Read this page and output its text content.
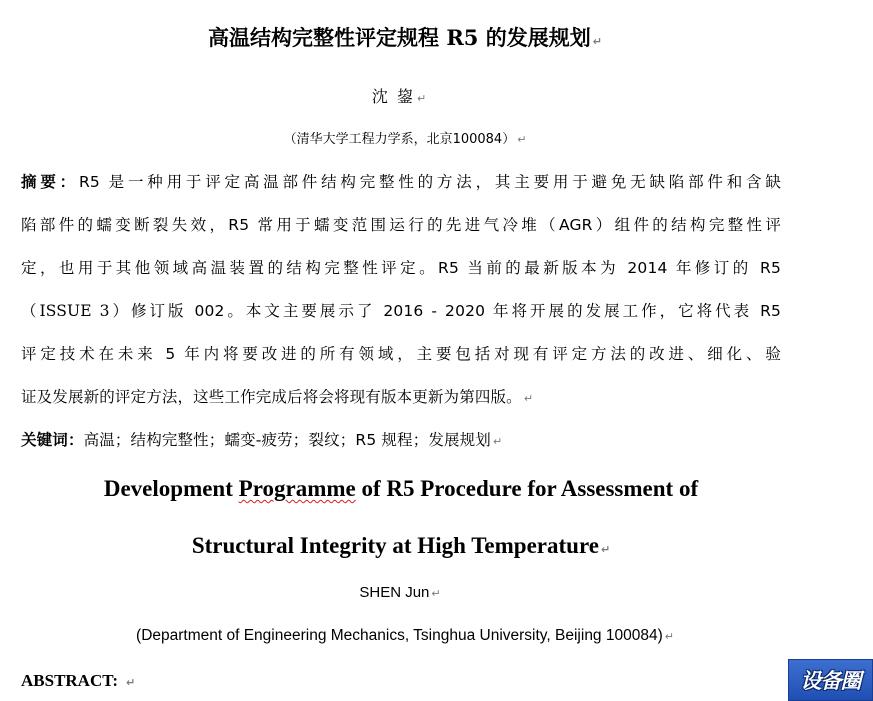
高温结构完整性评定规程 R5 的发展规划 ↵
沈 鋆 ↵
（清华大学工程力学系，北京100084） ↵
摘要：R5 是一种用于评定高温部件结构完整性的方法，其主要用于避免无缺陷部件和含缺
陷部件的蠕变断裂失效，R5 常用于蠕变范围运行的先进气冷堆（AGR）组件的结构完整性评
定，也用于其他领域高温装置的结构完整性评定。R5 当前的最新版本为 2014 年修订的 R5
（ISSUE 3）修订版 002。本文主要展示了 2016 - 2020 年将开展的发展工作，它将代表 R5
评定技术在未来 5 年内将要改进的所有领域，主要包括对现有评定方法的改进、细化、验
证及发展新的评定方法，这些工作完成后将会将现有版本更新为第四版。 ↵
关键词：高温；结构完整性；蠕变-疲劳；裂纹；R5 规程；发展规划 ↵
Development Programme of R5 Procedure for Assessment of
Structural Integrity at High Temperature ↵
SHEN Jun ↵
(Department of Engineering Mechanics, Tsinghua University, Beijing 100084) ↵
ABSTRACT: ↵	设备圈
